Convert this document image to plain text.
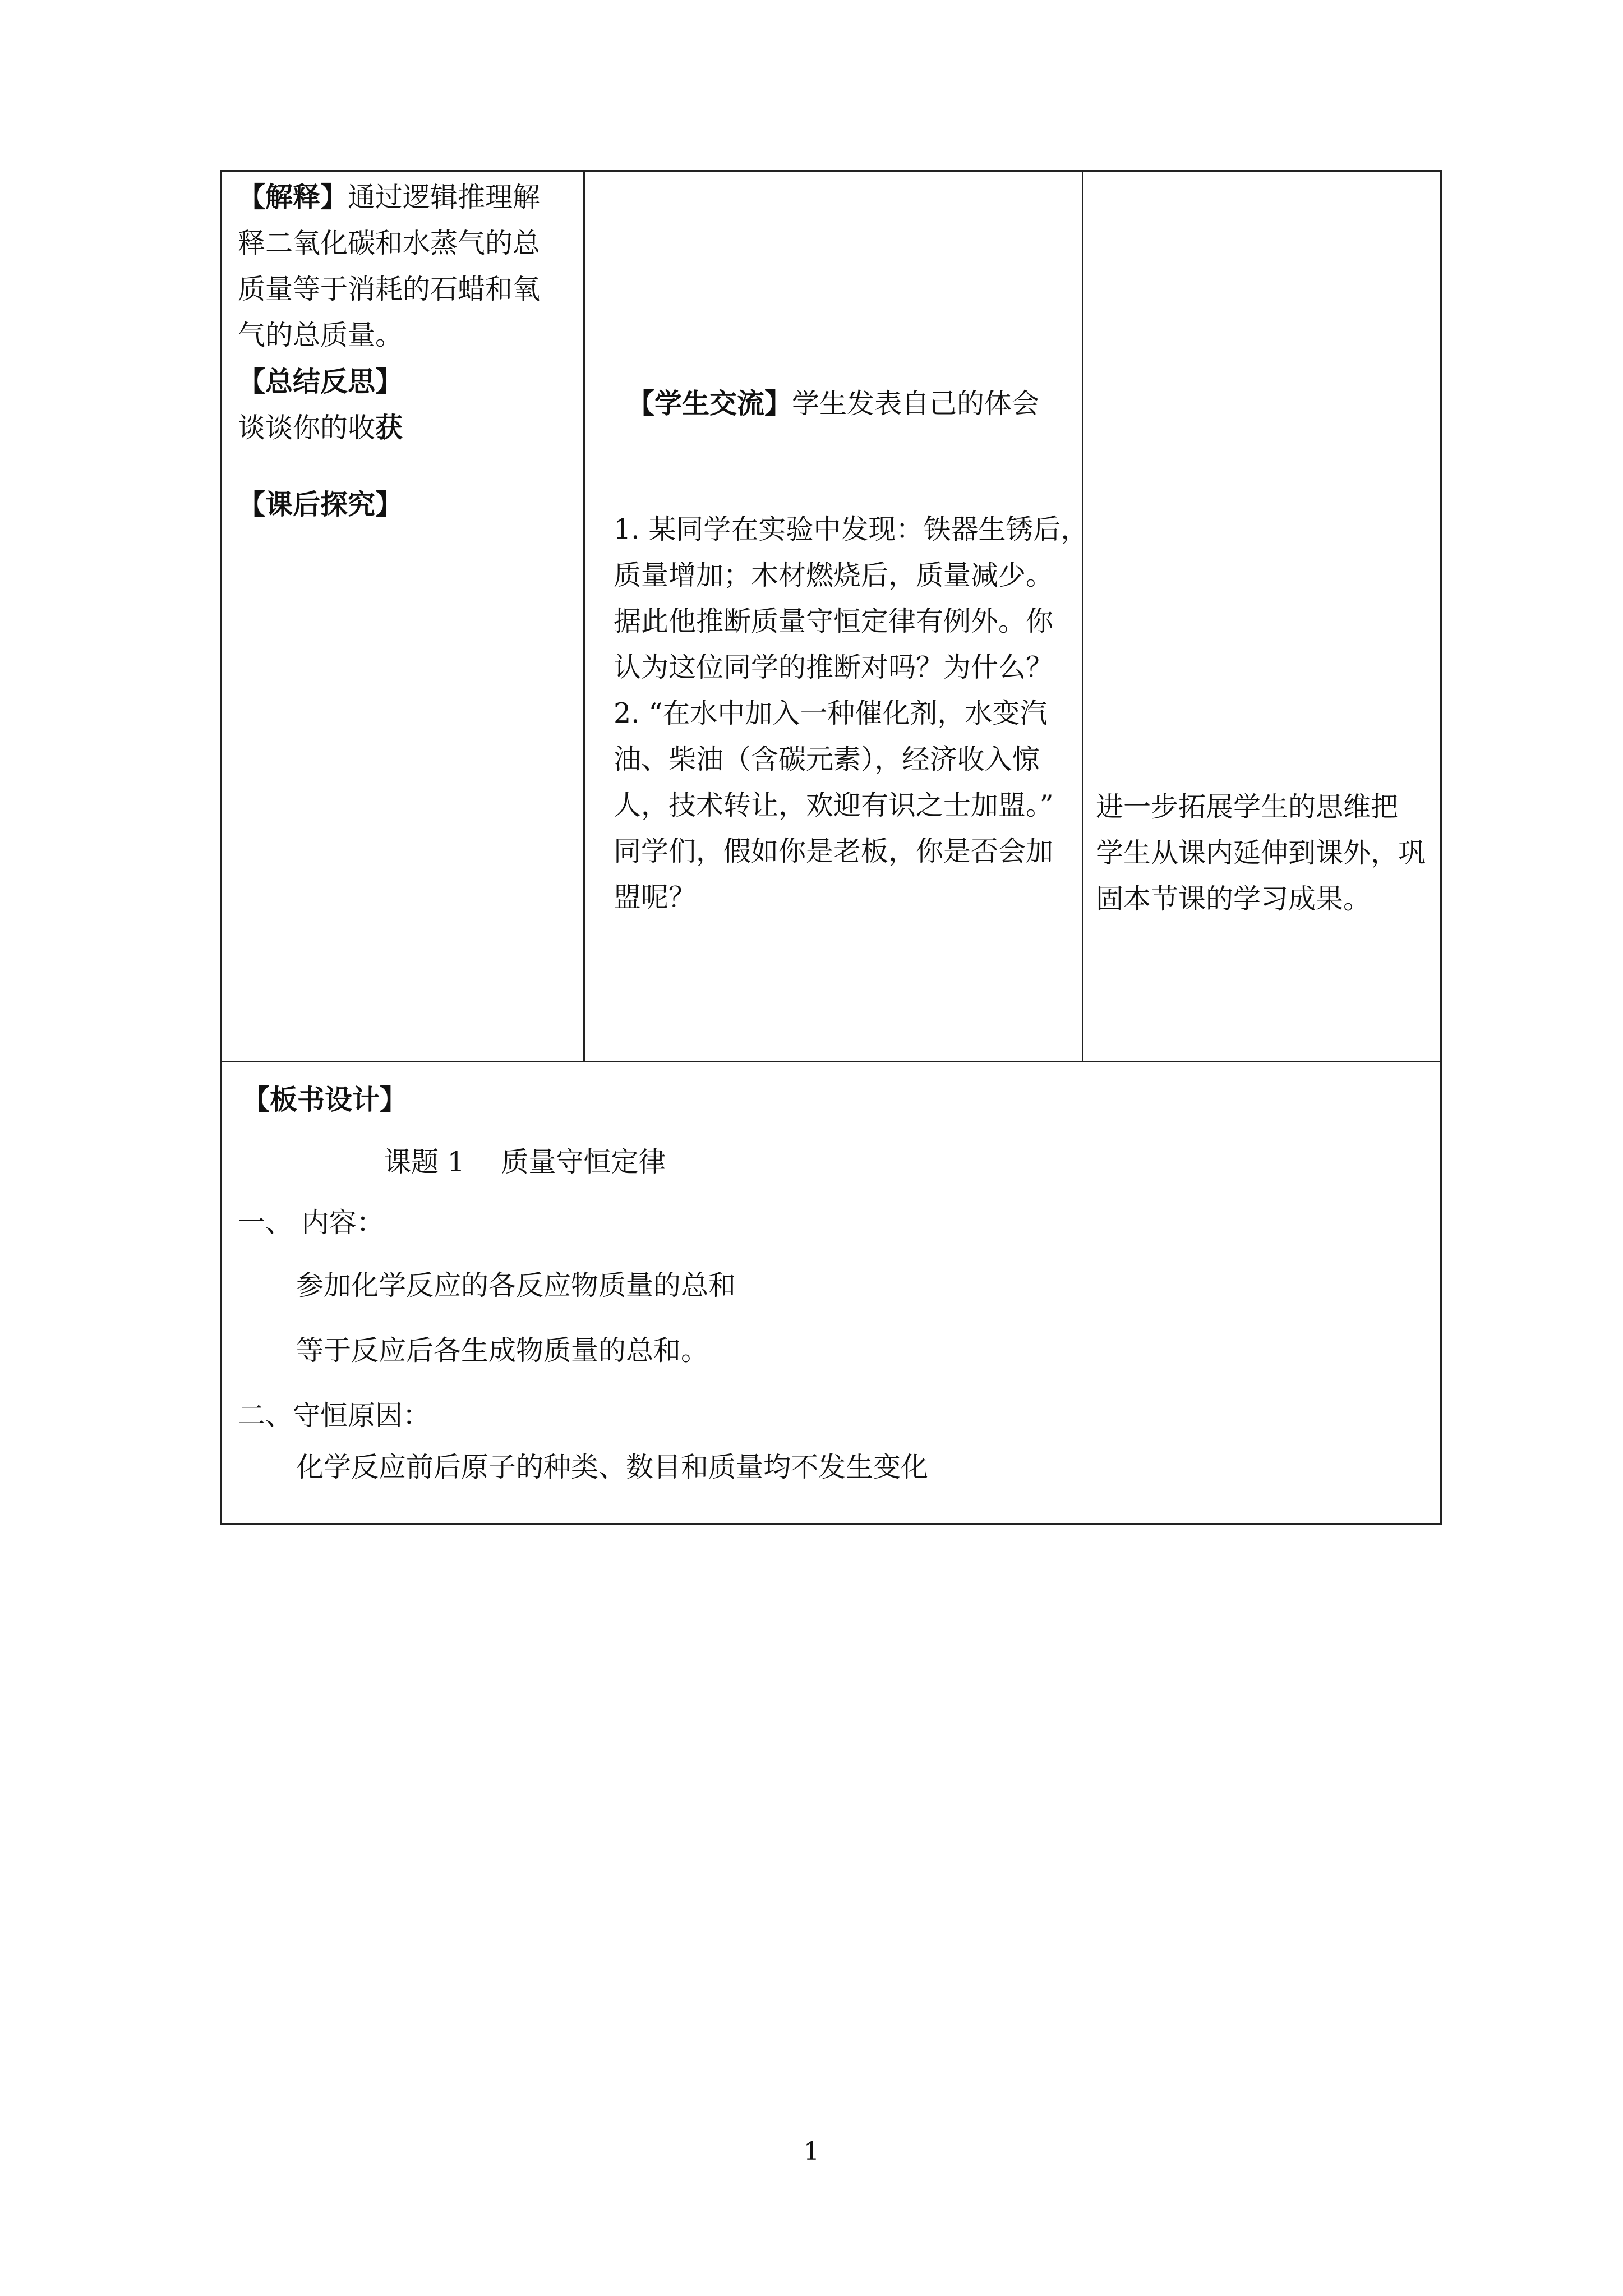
【解释】通过逻辑推理解
释二氧化碳和水蒸气的总
质量等于消耗的石蜡和氧
气的总质量。
【总结反思】
谈谈你的收获
【课后探究】
【学生交流】学生发表自己的体会
1. 某同学在实验中发现：铁器生锈后，
质量增加；木材燃烧后，质量减少。
据此他推断质量守恒定律有例外。你
认为这位同学的推断对吗？为什么？
2. “在水中加入一种催化剂，水变汽
油、柴油（含碳元素），经济收入惊
人，技术转让，欢迎有识之士加盟。”
同学们，假如你是老板，你是否会加
盟呢？
进一步拓展学生的思维把
学生从课内延伸到课外，巩
固本节课的学习成果。
【板书设计】
课题 1　 质量守恒定律
一、 内容：
参加化学反应的各反应物质量的总和
等于反应后各生成物质量的总和。
二、守恒原因：
化学反应前后原子的种类、数目和质量均不发生变化
1
